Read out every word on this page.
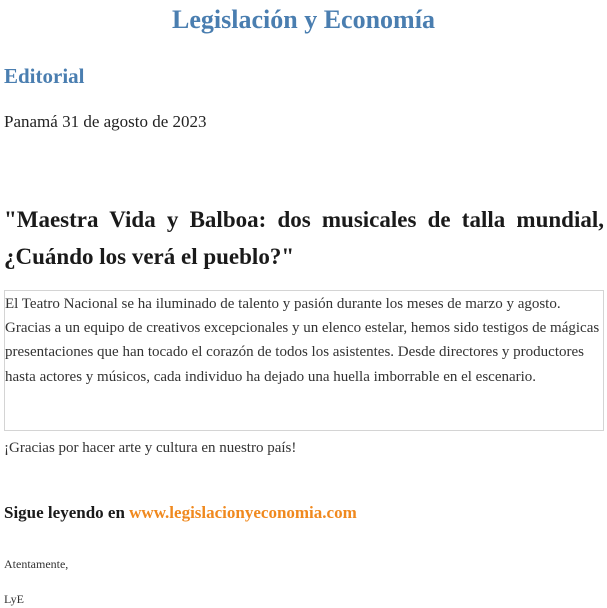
Legislación y Economía
Editorial
Panamá 31 de agosto de 2023
"Maestra Vida y Balboa: dos musicales de talla mundial, ¿Cuándo los verá el pueblo?"
El Teatro Nacional se ha iluminado de talento y pasión durante los meses de marzo y agosto. Gracias a un equipo de creativos excepcionales y un elenco estelar, hemos sido testigos de mágicas presentaciones que han tocado el corazón de todos los asistentes. Desde directores y productores hasta actores y músicos, cada individuo ha dejado una huella imborrable en el escenario.
¡Gracias por hacer arte y cultura en nuestro país!
Sigue leyendo en www.legislacionyeconomia.com
Atentamente,
LyE
